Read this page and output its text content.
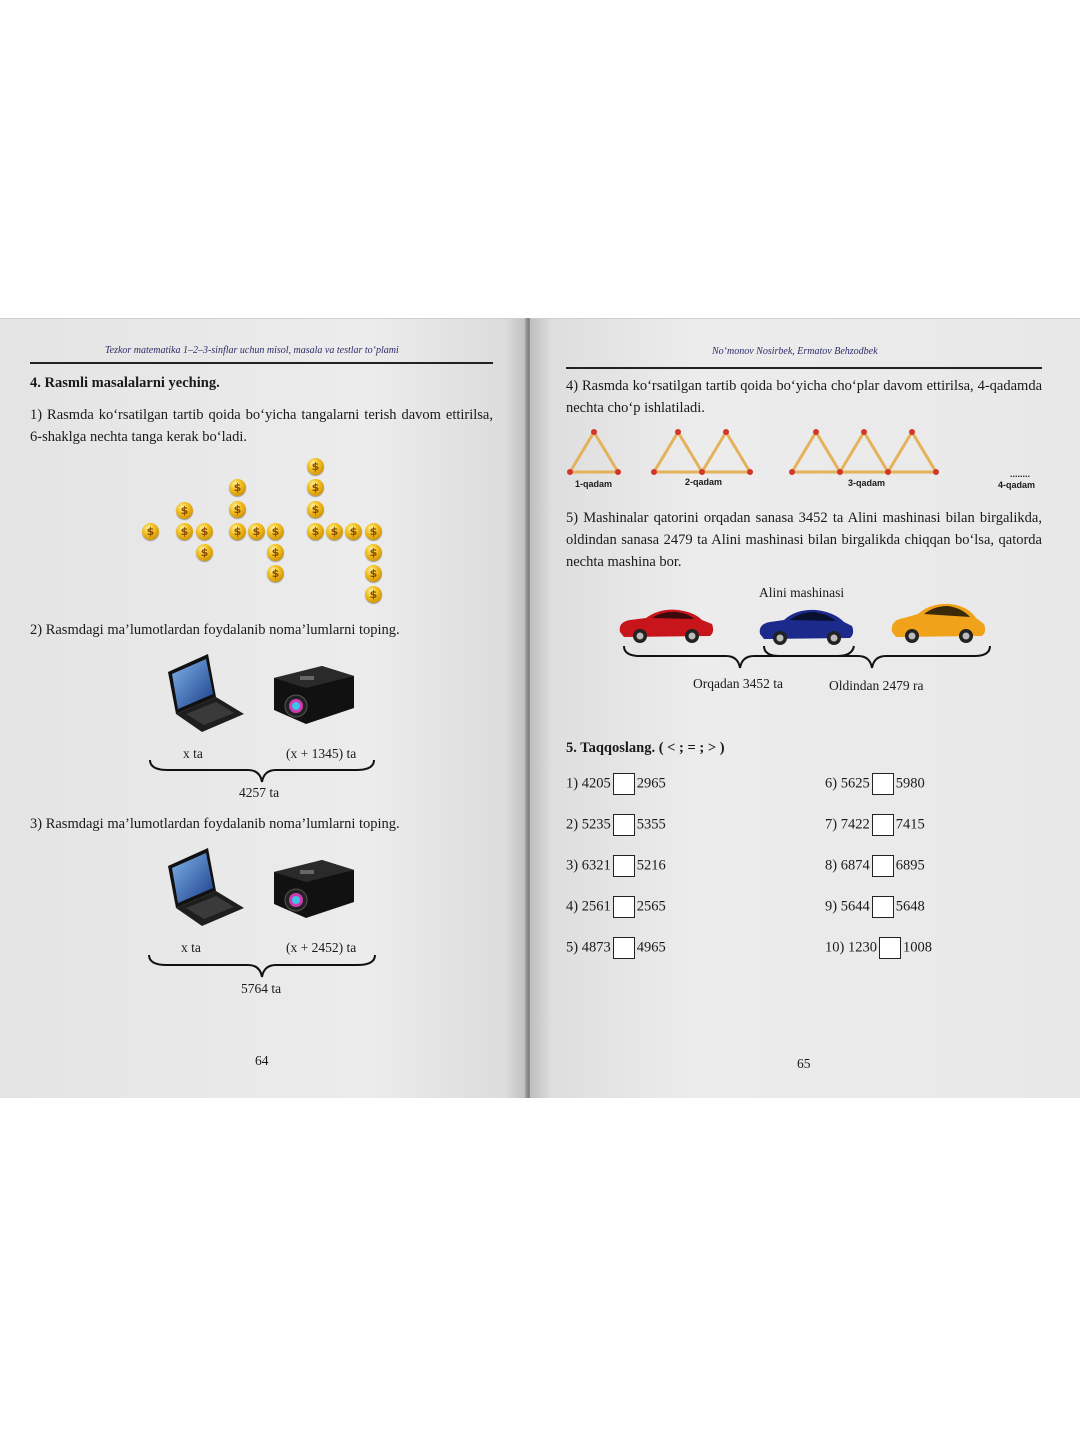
Tezkor matematika 1–2–3-sinflar uchun misol, masala va testlar to‘plami
4. Rasmli masalalarni yeching.
1) Rasmda ko‘rsatilgan tartib qoida bo‘yicha tangalarni terish davom ettirilsa, 6-shaklga nechta tanga kerak bo‘ladi.
$
$
$	$
$
$
$
$	$	$
$
$
$
$
$
$	$	$	$
$
$
$
2) Rasmdagi ma’lumotlardan foydalanib noma’lumlarni toping.
x ta	(x + 1345) ta
4257 ta
3) Rasmdagi ma’lumotlardan foydalanib noma’lumlarni toping.
x ta	(x + 2452) ta
5764 ta
64
No‘monov Nosirbek, Ermatov Behzodbek
4) Rasmda ko‘rsatilgan tartib qoida bo‘yicha cho‘plar davom ettirilsa, 4-qadamda nechta cho‘p ishlatiladi.
1-qadam	2-qadam	3-qadam
........
4-qadam
5) Mashinalar qatorini orqadan sanasa 3452 ta Alini mashinasi bilan birgalikda, oldindan sanasa 2479 ta Alini mashinasi bilan birgalikda chiqqan bo‘lsa, qatorda nechta mashina bor.
Alini mashinasi
Orqadan 3452 ta	Oldindan 2479 ra
5. Taqqoslang. ( < ; = ; > )
1) 4205 2965
2) 5235 5355
3) 6321 5216
4) 2561 2565
5) 4873 4965
6) 5625 5980
7) 7422 7415
8) 6874 6895
9) 5644 5648
10) 1230 1008
65
